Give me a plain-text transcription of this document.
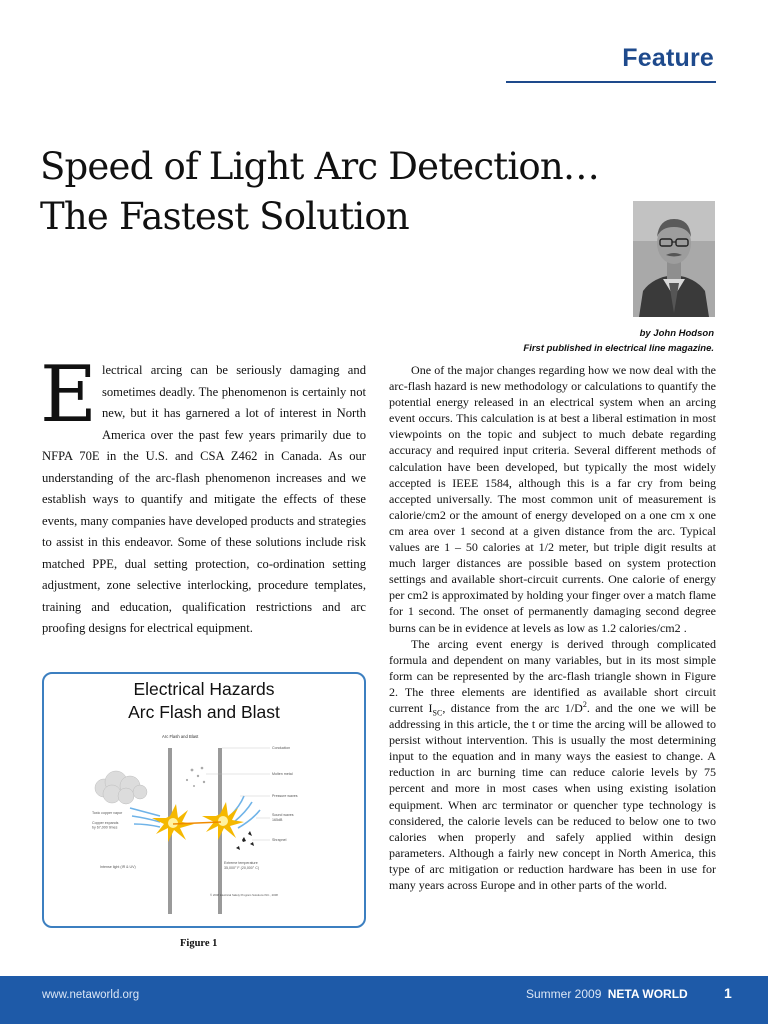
Feature
Speed of Light Arc Detection…
The Fastest Solution
by John Hodson
First published in electrical line magazine.

Electrical arcing can be seriously damaging and sometimes deadly. The phenomenon is certainly not new, but it has garnered a lot of interest in North America over the past few years primarily due to NFPA 70E in the U.S. and CSA Z462 in Canada. As our understanding of the arc-flash phenomenon increases and we establish ways to quantify and mitigate the effects of these events, many companies have developed products and strategies to assist in this endeavor. Some of these solutions include risk matched PPE, dual setting protection, co-ordination setting adjustment, zone selective interlocking, procedure templates, training and education, qualification restrictions and arc proofing designs for electrical equipment.

One of the major changes regarding how we now deal with the arc-flash hazard is new methodology or calculations to quantify the potential energy released in an electrical system when an arcing event occurs. This calculation is at best a liberal estimation in most viewpoints on the topic and subject to much debate regarding accuracy and required input criteria. Several different methods of calculation have been developed, but typically the most widely accepted is IEEE 1584, although this is a far cry from being accepted universally. The most common unit of measurement is calorie/cm2 or the amount of energy developed on a one cm x one cm area over 1 second at a given distance from the arc. Typical values are 1 – 50 calories at 1/2 meter, but triple digit results at much larger distances are possible based on system protection settings and available short-circuit currents. One calorie of energy per cm2 is approximated by holding your finger over a match flame for 1 second. The onset of permanently damaging second degree burns can be in evidence at levels as low as 1.2 calories/cm2 .

The arcing event energy is derived through complicated formula and dependent on many variables, but in its most simple form can be represented by the arc-flash triangle shown in Figure 2. The three elements are identified as available short circuit current $I_{SC}$, distance from the arc $1/D^2$. and the one we will be addressing in this article, the t or time the arcing will be allowed to persist without intervention. This is usually the most determining input to the equation and in many ways the easiest to change. A reduction in arc burning time can reduce calorie levels by 75 percent and more in most cases when using existing isolation equipment. When arc terminator or quencher type technology is considered, the calorie levels can be reduced to below one to two calories when properly and safely applied within design parameters. Although a fairly new concept in North America, this type of arc mitigation or reduction hardware has been in use for many years across Europe and in other parts of the world.

Electrical Hazards
Arc Flash and Blast
Arc Flash and Blast
Conduction
Molten metal
Pressure waves
Sound waves
165dB
Shrapnel
Toxic copper vapor
Copper expands
by 67,000 times
Intense light (IR & UV)
Extreme temperature
35,000° F (20,000° C)
© 2008 Electrical Safety Program Solutions INC., 2008
Figure 1
www.netaworld.org	Summer 2009 NETA WORLD	1
